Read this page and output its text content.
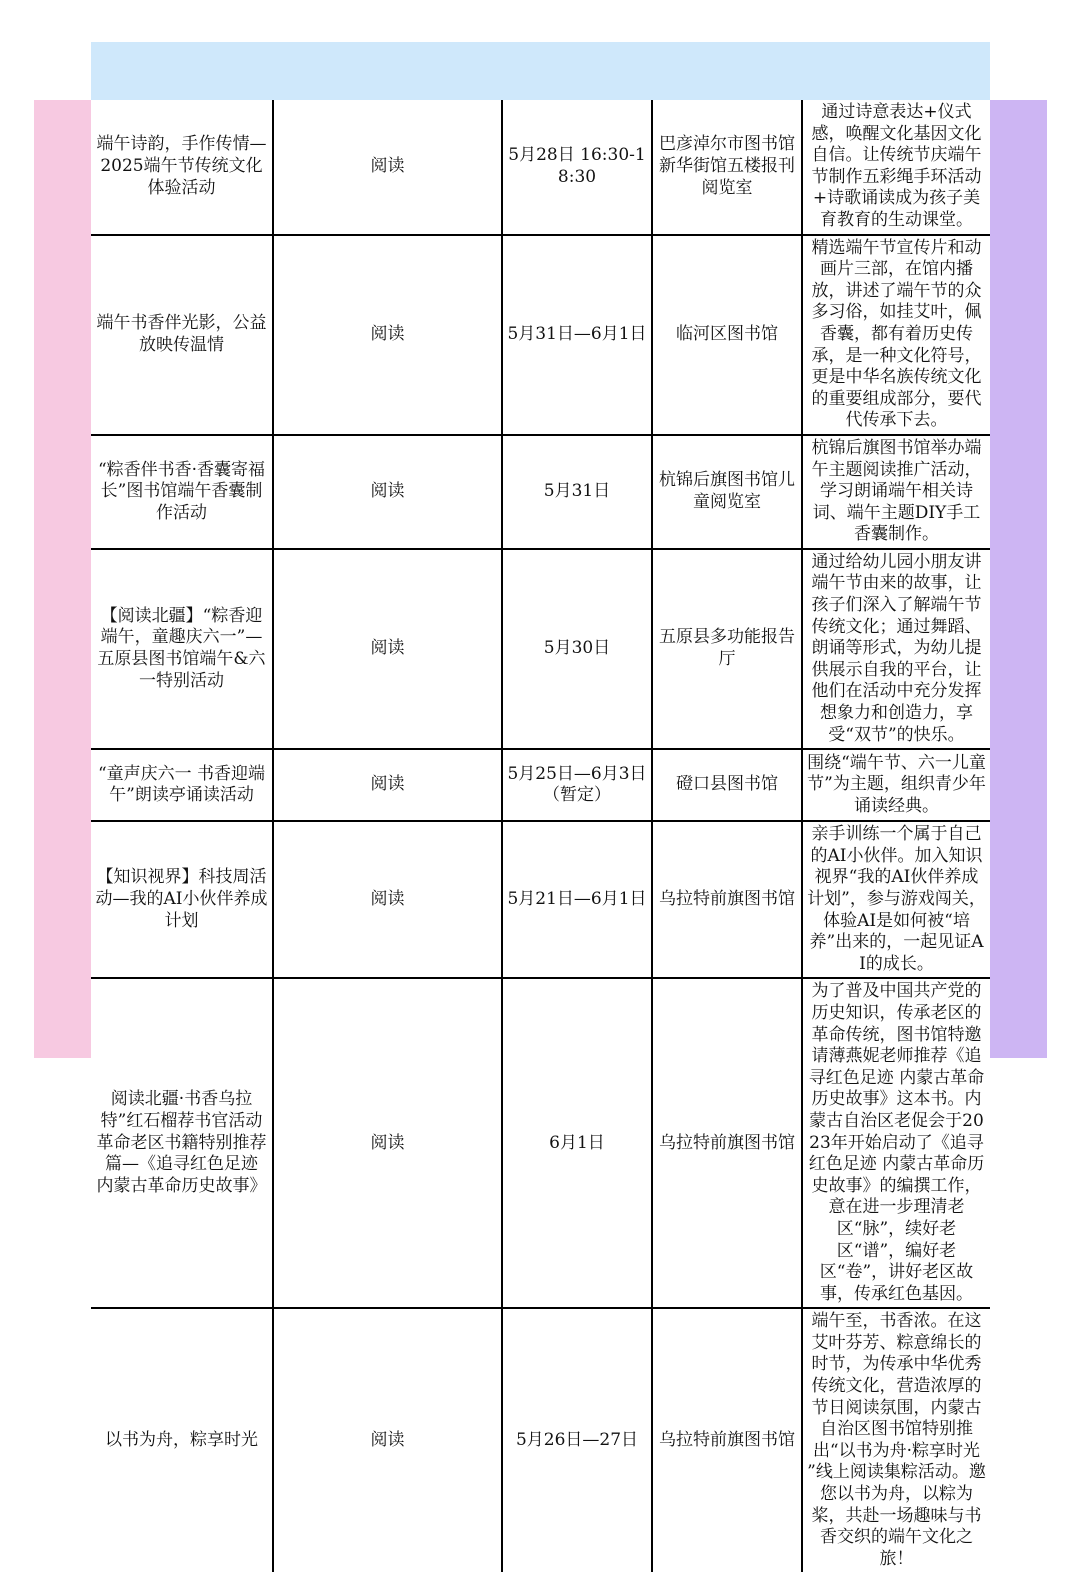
端午诗韵，手作传情—2025端午节传统文化体验活动	阅读	5月28日 16:30-18:30	巴彦淖尔市图书馆新华街馆五楼报刊阅览室	通过诗意表达+仪式感，唤醒文化基因文化自信。让传统节庆端午节制作五彩绳手环活动+诗歌诵读成为孩子美育教育的生动课堂。
端午书香伴光影，公益放映传温情	阅读	5月31日—6月1日	临河区图书馆	精选端午节宣传片和动画片三部，在馆内播放，讲述了端午节的众多习俗，如挂艾叶，佩香囊，都有着历史传承，是一种文化符号，更是中华名族传统文化的重要组成部分，要代代传承下去。
“粽香伴书香·香囊寄福长”图书馆端午香囊制作活动	阅读	5月31日	杭锦后旗图书馆儿童阅览室	杭锦后旗图书馆举办端午主题阅读推广活动，学习朗诵端午相关诗词、端午主题DIY手工香囊制作。
【阅读北疆】“粽香迎端午，童趣庆六一”—五原县图书馆端午&六一特别活动	阅读	5月30日	五原县多功能报告厅	通过给幼儿园小朋友讲端午节由来的故事，让孩子们深入了解端午节传统文化；通过舞蹈、朗诵等形式，为幼儿提供展示自我的平台，让他们在活动中充分发挥想象力和创造力，享受“双节”的快乐。
“童声庆六一 书香迎端午”朗读亭诵读活动	阅读	5月25日—6月3日（暂定）	磴口县图书馆	围绕“端午节、六一儿童节”为主题，组织青少年诵读经典。
【知识视界】科技周活动—我的AI小伙伴养成计划	阅读	5月21日—6月1日	乌拉特前旗图书馆	亲手训练一个属于自己的AI小伙伴。加入知识视界“我的AI伙伴养成计划”，参与游戏闯关，体验AI是如何被“培养”出来的，一起见证AI的成长。
阅读北疆·书香乌拉特”红石榴荐书官活动革命老区书籍特别推荐篇—《追寻红色足迹 内蒙古革命历史故事》	阅读	6月1日	乌拉特前旗图书馆	为了普及中国共产党的历史知识，传承老区的革命传统，图书馆特邀请薄燕妮老师推荐《追寻红色足迹 内蒙古革命历史故事》这本书。内蒙古自治区老促会于2023年开始启动了《追寻红色足迹 内蒙古革命历史故事》的编撰工作，意在进一步理清老区“脉”，续好老区“谱”，编好老区“卷”，讲好老区故事，传承红色基因。
以书为舟，粽享时光	阅读	5月26日—27日	乌拉特前旗图书馆	端午至，书香浓。在这艾叶芬芳、粽意绵长的时节，为传承中华优秀传统文化，营造浓厚的节日阅读氛围，内蒙古自治区图书馆特别推出“以书为舟·粽享时光 ”线上阅读集粽活动。邀您以书为舟，以粽为桨，共赴一场趣味与书香交织的端午文化之旅！
